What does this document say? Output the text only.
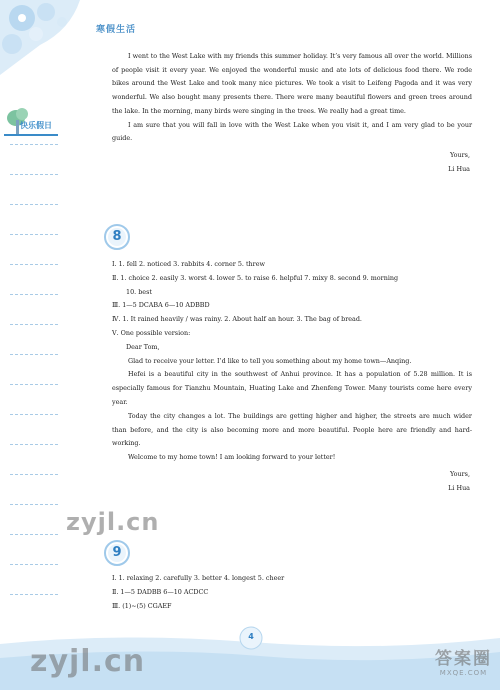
寒假生活
快乐假日

I went to the West Lake with my friends this summer holiday. It’s very famous all over the world. Millions of people visit it every year. We enjoyed the wonderful music and ate lots of delicious food there. We rode bikes around the West Lake and took many nice pictures. We took a visit to Leifeng Pagoda and it was very wonderful. We also bought many presents there. There were many beautiful flowers and green trees around the lake. In the morning, many birds were singing in the trees. We really had a great time.

I am sure that you will fall in love with the West Lake when you visit it, and I am very glad to be your guide.

Yours,

Li Hua

8

Ⅰ. 1. fell 2. noticed 3. rabbits 4. corner 5. threw

Ⅱ. 1. choice 2. easily 3. worst 4. lower 5. to raise 6. helpful 7. mixy 8. second 9. morning

10. best

Ⅲ. 1—5 DCABA 6—10 ADBBD

Ⅳ. 1. It rained heavily / was rainy. 2. About half an hour. 3. The bag of bread.

Ⅴ. One possible version:

Dear Tom,

Glad to receive your letter. I’d like to tell you something about my home town—Anqing.

Hefei is a beautiful city in the southwest of Anhui province. It has a population of 5.28 million. It is especially famous for Tianzhu Mountain, Huating Lake and Zhenfeng Tower. Many tourists come here every year.

Today the city changes a lot. The buildings are getting higher and higher, the streets are much wider than before, and the city is also becoming more and more beautiful. People here are friendly and hard-working.

Welcome to my home town! I am looking forward to your letter!

Yours,

Li Hua

zyjl.cn
9

Ⅰ. 1. relaxing 2. carefully 3. better 4. longest 5. cheer

Ⅱ. 1—5 DADBB 6—10 ACDCC

Ⅲ. (1)~(5) CGAEF

4
zyjl.cn	答案圈
MXQE.COM
